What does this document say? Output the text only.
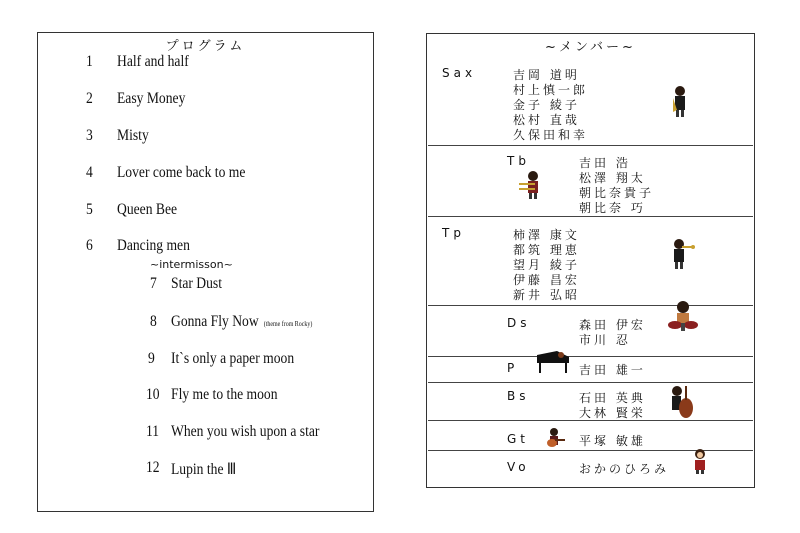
プログラム
1 Half and half
2 Easy Money
3 Misty
4 Lover come back to me
5 Queen Bee
6 Dancing men
~intermisson~
7 Star Dust
8 Gonna Fly Now (theme from Rocky)
9 It`s only a paper moon
10 Fly me to the moon
11 When you wish upon a star
12 Lupin the Ⅲ
~メンバー~
Sax	吉岡 道明
村上慎一郎
金子 綾子
松村 直哉
久保田和幸
Tb	吉田 浩
松澤 翔太
朝比奈貴子
朝比奈 巧
Tp	柿澤 康文
都筑 理恵
望月 綾子
伊藤 昌宏
新井 弘昭
Ds	森田 伊宏
市川 忍
P	吉田 雄一
Bs	石田 英典
大林 賢栄
Gt	平塚 敏雄
Vo	おかのひろみ
